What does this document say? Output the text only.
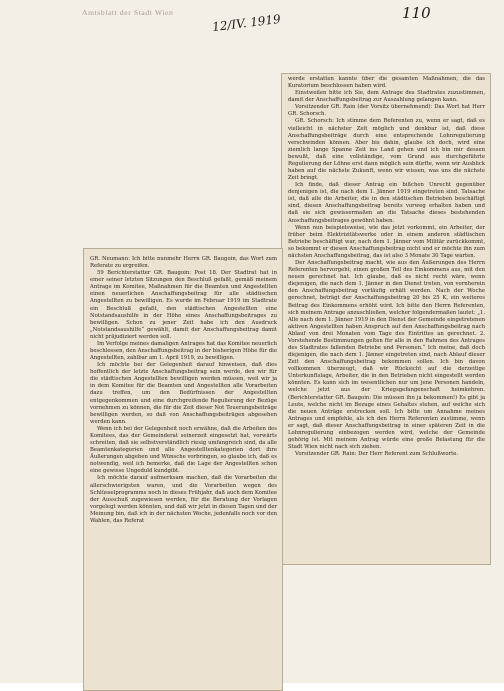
Amtsblatt der Stadt Wien	12/IV. 1919	110

werde erstatten kannte über die gesamten Maßnahmen, die das Kuratorium beschlossen haben wird.

Einstweilen bitte ich Sie, dem Antrage des Stadtrates zuzustimmen, damit der Anschaffungsbeitrag zur Auszahlung gelangen kann.

Vorsitzender GR. Rain (der Vorsitz übernehmend): Das Wort hat Herr GR. Schorsch.

GR. Schorsch: Ich stimme dem Referenten zu, wenn er sagt, daß es vielleicht in nächster Zeit möglich und denkbar ist, daß diese Anschaffungsbeiträge durch eine entsprechende Lohnregulierung verschwinden können. Aber bis dahin, glaube ich doch, wird eine ziemlich lange Spanne Zeit ins Land gehen und ich bin mir dessen bewußt, daß eine vollständige, vom Grund aus durchgeführte Regulierung der Löhne erst dann möglich sein dürfte, wenn wir Ausblick haben auf die nächste Zukunft, wenn wir wissen, was uns die nächste Zeit bringt.

Ich finde, daß dieser Antrag ein bißchen Unrecht gegenüber denjenigen ist, die nach dem 1. Jänner 1919 eingetreten sind. Tatsache ist, daß alle die Arbeiter, die in den städtischen Betrieben beschäftigt sind, diesen Anschaffungsbeitrag bereits vorweg erhalten haben und daß sie sich gewissermaßen an die Tatsache dieses bestehenden Anschaffungsbeitrages gewöhnt haben.

Wenn nun beispielsweise, wie das jetzt vorkommt, ein Arbeiter, der früher beim Elektrizitätswerke oder in einem anderen städtischen Betriebe beschäftigt war, nach dem 1. Jänner vom Militär zurückkommt, so bekommt er diesen Anschaffungsbeitrag nicht und er möchte ihn zum nächsten Anschaffungsbeitrag, das ist also 3 Monate 30 Tage warten.

Der Anschaffungsbeitrag macht, wie aus den Äußerungen des Herrn Referenten hervorgeht, einen großen Teil des Einkommens aus, mit den neuen gerechnet hat. Ich glaube, daß es nicht recht wäre, wenn diejenigen, die nach dem 1. Jänner in den Dienst treten, von vornherein den Anschaffungsbeitrag vorläufig erhält werden. Nach der Woche gerechnet, beträgt der Anschaffungsbeitrag 20 bis 25 K, ein weiteres Beitrag des Einkommens erhöht wird. Ich bitte den Herrn Referenten, sich meinem Antrage anzuschließen, welcher folgendermaßen lautet: „1. Alle nach dem 1. Jänner 1919 in den Dienst der Gemeinde eingetretenen aktiven Angestellten haben Anspruch auf den Anschaffungsbeitrag nach Ablauf von drei Monaten vom Tage des Eintrittes an gerechnet. 2. Vorstehende Bestimmungen gelten für alle in den Rahmen des Antrages des Stadtrates fallenden Betriebe und Personen.“ Ich meine, daß doch diejenigen, die nach dem 1. Jänner eingetreten sind, nach Ablauf dieser Zeit den Anschaffungsbeitrag bekommen sollen. Ich bin davon vollkommen überzeugt, daß wir Rücksicht auf die derzeitige Unterkunftslage, Arbeiter, die in den Betrieben nicht eingestellt werden könnten. Es kann sich im wesentlichen nur um jene Personen handeln, welche jetzt aus der Kriegsgefangenschaft heimkehren. (Berichterstatter GR. Baugoin: Die müssen ihn ja bekommen!) Es gibt ja Leute, welche nicht im Bezuge eines Gehaltes stehen, auf welche sich die neuen Anträge erstrecken soll. Ich bitte um Annahme meines Antrages und empfehle, als ich den Herrn Referenten zustimme, wenn er sagt, daß dieser Anschaffungsbeitrag in einer späteren Zeit in die Lohnregulierung einbezogen werden wird, welche der Gemeinde gehörig ist. Mit meinem Antrag würde eine große Belastung für die Stadt Wien nicht nach sich ziehen.

Vorsitzender GR. Rain: Der Herr Referent zum Schlußworte.

GR. Neumann: Ich bitte nunmehr Herrn GR. Baugoin, das Wort zum Referate zu ergreifen.

59 Berichterstatter GR. Baugoin: Post 18. Der Stadtrat hat in einer seiner letzten Sitzungen den Beschluß gefaßt, gemäß meinem Antrage im Komitee, Maßnahmen für die Beamten und Angestellten einen neuerlichen Anschaffungsbeitrag für alle städtischen Angestellten zu bewilligen. Es wurde im Februar 1919 im Stadtrate ein Beschluß gefaßt, den städtischen Angestellten eine Notstandsaushilfe in der Höhe eines Anschaffungsbeitrages zu bewilligen. Schon zu jener Zeit habe ich den Ausdruck „Notstandsaushilfe“ gewählt, damit der Anschaffungsbeitrag damit nicht präjudiziert werden soll.

Im Verfolge meines damaligen Antrages hat das Komitee neuerlich beschlossen, den Anschaffungsbeitrag in der bisherigen Höhe für die Angestellten, zahlbar am 1. April 1919, zu bewilligen.

Ich möchte bei der Gelegenheit darauf hinweisen, daß dies hoffentlich der letzte Anschaffungsbeitrag sein werde, den wir für die städtischen Angestellten bewilligen werden müssen, weil wir ja in dem Komitee für die Beamten und Angestellten alle Vorarbeiten dazu treffen, um den Bedürfnissen der Angestellten entgegenkommen und eine durchgreifende Regulierung der Bezüge vornehmen zu können, die für die Zeit dieser Not Teuerungsbeiträge bewilligen werden, so daß von Anschaffungsbeiträgen abgesehen werden kann.

Wenn ich bei der Gelegenheit noch erwähne, daß die Arbeiten des Komitees, das der Gemeinderat seinerzeit eingesetzt hat, vorwärts schreiten, daß sie selbstverständlich riesig umfangreich sind, da alle Beamtenkategorien und alle Angestelltenkategorien dort ihre Äußerungen abgeben und Wünsche vorbringen, so glaube ich, daß es notwendig, weil ich bemerke, daß die Lage der Angestellten schon eine gewisse Ungeduld kundgibt.

Ich möchte darauf aufmerksam machen, daß die Vorarbeiten die allerschwierigsten waren, und die Vorarbeiten wegen des Schlüsselprogramms noch in dieses Frühjahr, daß auch dem Komitee der Ausschuß zugewiesen werden, für die Beratung der Vorlagen vorgelegt werden könnten, und daß wir jetzt in diesen Tagen und der Meinung bin, daß ich in der nächsten Woche, jedenfalls noch vor den Wahlen, das Referat
